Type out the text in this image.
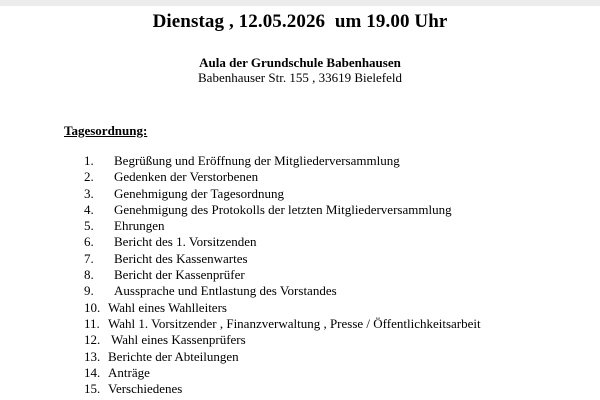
Dienstag , 12.05.2026  um 19.00 Uhr
Aula der Grundschule Babenhausen
Babenhauser Str. 155 , 33619 Bielefeld
Tagesordnung:
1. Begrüßung und Eröffnung der Mitgliederversammlung
2. Gedenken der Verstorbenen
3. Genehmigung der Tagesordnung
4. Genehmigung des Protokolls der letzten Mitgliederversammlung
5. Ehrungen
6. Bericht des 1. Vorsitzenden
7. Bericht des Kassenwartes
8. Bericht der Kassenprüfer
9. Aussprache und Entlastung des Vorstandes
10. Wahl eines Wahlleiters
11. Wahl 1. Vorsitzender , Finanzverwaltung , Presse / Öffentlichkeitsarbeit
12. Wahl eines Kassenprüfers
13. Berichte der Abteilungen
14. Anträge
15. Verschiedenes
